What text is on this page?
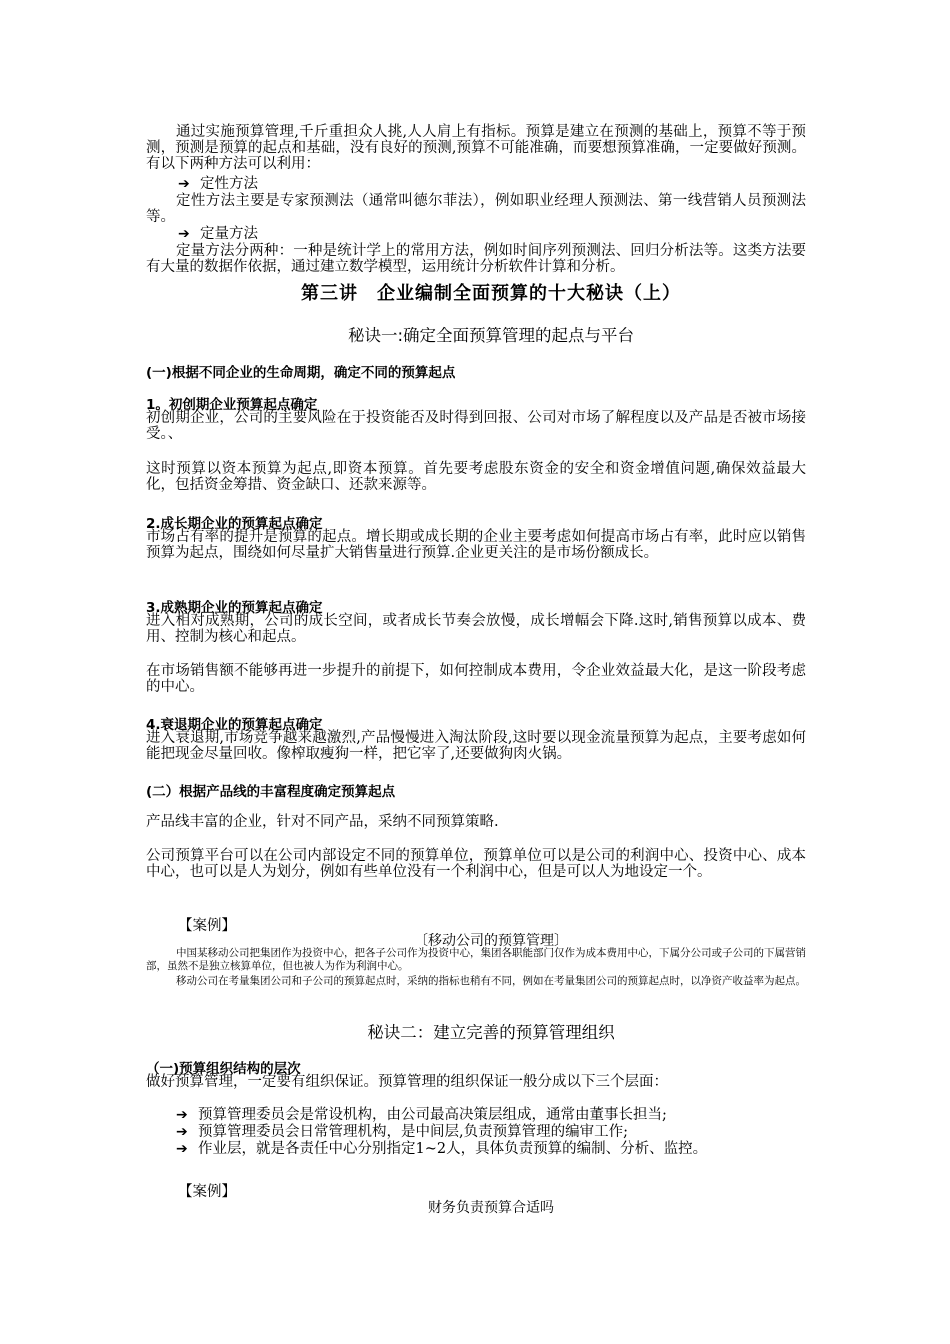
通过实施预算管理,千斤重担众人挑,人人肩上有指标。预算是建立在预测的基础上，预算不等于预测，预测是预算的起点和基础，没有良好的预测,预算不可能准确，而要想预算准确，一定要做好预测。有以下两种方法可以利用：
➔ 定性方法
定性方法主要是专家预测法（通常叫德尔菲法），例如职业经理人预测法、第一线营销人员预测法等。
➔ 定量方法
定量方法分两种：一种是统计学上的常用方法，例如时间序列预测法、回归分析法等。这类方法要有大量的数据作依据，通过建立数学模型，运用统计分析软件计算和分析。
第三讲　企业编制全面预算的十大秘诀（上）
秘诀一:确定全面预算管理的起点与平台
(一)根据不同企业的生命周期，确定不同的预算起点
1。初创期企业预算起点确定
初创期企业，公司的主要风险在于投资能否及时得到回报、公司对市场了解程度以及产品是否被市场接受。、
这时预算以资本预算为起点,即资本预算。首先要考虑股东资金的安全和资金增值问题,确保效益最大化，包括资金筹措、资金缺口、还款来源等。
2.成长期企业的预算起点确定
市场占有率的提升是预算的起点。增长期或成长期的企业主要考虑如何提高市场占有率，此时应以销售预算为起点，围绕如何尽量扩大销售量进行预算.企业更关注的是市场份额成长。
3.成熟期企业的预算起点确定
进入相对成熟期，公司的成长空间，或者成长节奏会放慢，成长增幅会下降.这时,销售预算以成本、费用、控制为核心和起点。
在市场销售额不能够再进一步提升的前提下，如何控制成本费用，令企业效益最大化，是这一阶段考虑的中心。
4.衰退期企业的预算起点确定
进入衰退期,市场竞争越来越激烈,产品慢慢进入淘汰阶段,这时要以现金流量预算为起点，主要考虑如何能把现金尽量回收。像榨取瘦狗一样，把它宰了,还要做狗肉火锅。
(二）根据产品线的丰富程度确定预算起点
产品线丰富的企业，针对不同产品，采纳不同预算策略.
公司预算平台可以在公司内部设定不同的预算单位，预算单位可以是公司的利润中心、投资中心、成本中心，也可以是人为划分，例如有些单位没有一个利润中心，但是可以人为地设定一个。
【案例】
〔移动公司的预算管理〕
中国某移动公司把集团作为投资中心，把各子公司作为投资中心，集团各职能部门仅作为成本费用中心，下属分公司或子公司的下属营销部，虽然不是独立核算单位，但也被人为作为利润中心。
移动公司在考量集团公司和子公司的预算起点时，采纳的指标也稍有不同，例如在考量集团公司的预算起点时，以净资产收益率为起点。
秘诀二：建立完善的预算管理组织
（一)预算组织结构的层次
做好预算管理，一定要有组织保证。预算管理的组织保证一般分成以下三个层面：
➔ 预算管理委员会是常设机构，由公司最高决策层组成，通常由董事长担当;
➔ 预算管理委员会日常管理机构，是中间层,负责预算管理的编审工作;
➔ 作业层，就是各责任中心分别指定1~2人，具体负责预算的编制、分析、监控。
【案例】
财务负责预算合适吗
